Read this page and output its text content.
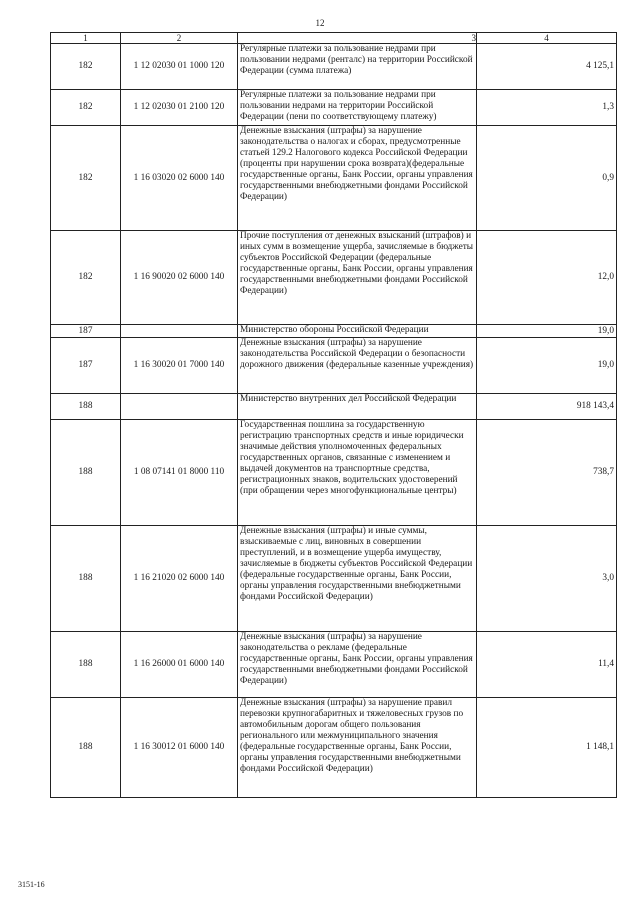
12
1	2	3	4
182	1 12 02030 01 1000 120	Регулярные платежи за пользование недрами при пользовании недрами (ренталс) на территории Российской Федерации (сумма платежа)	4 125,1
182	1 12 02030 01 2100 120	Регулярные платежи за пользование недрами при пользовании недрами на территории Российской Федерации (пени по соответствующему платежу)	1,3
182	1 16 03020 02 6000 140	Денежные взыскания (штрафы) за нарушение законодательства о налогах и сборах, предусмотренные статьей 129.2 Налогового кодекса Российской Федерации (проценты при нарушении срока возврата)(федеральные государственные органы, Банк России, органы управления государственными внебюджетными фондами Российской Федерации)	0,9
182	1 16 90020 02 6000 140	Прочие поступления от денежных взысканий (штрафов) и иных сумм в возмещение ущерба, зачисляемые в бюджеты субъектов Российской Федерации (федеральные государственные органы, Банк России, органы управления государственными внебюджетными фондами Российской Федерации)	12,0
187		Министерство обороны Российской Федерации	19,0
187	1 16 30020 01 7000 140	Денежные взыскания (штрафы) за нарушение законодательства Российской Федерации о безопасности дорожного движения (федеральные казенные учреждения)	19,0
188		Министерство внутренних дел Российской Федерации	918 143,4
188	1 08 07141 01 8000 110	Государственная пошлина за государственную регистрацию транспортных средств и иные юридически значимые действия уполномоченных федеральных государственных органов, связанные с изменением и выдачей документов на транспортные средства, регистрационных знаков, водительских удостоверений (при обращении через многофункциональные центры)	738,7
188	1 16 21020 02 6000 140	Денежные взыскания (штрафы) и иные суммы, взыскиваемые с лиц, виновных в совершении преступлений, и в возмещение ущерба имуществу, зачисляемые в бюджеты субъектов Российской Федерации (федеральные государственные органы, Банк России, органы управления государственными внебюджетными фондами Российской Федерации)	3,0
188	1 16 26000 01 6000 140	Денежные взыскания (штрафы) за нарушение законодательства о рекламе (федеральные государственные органы, Банк России, органы управления государственными внебюджетными фондами Российской Федерации)	11,4
188	1 16 30012 01 6000 140	Денежные взыскания (штрафы) за нарушение правил перевозки крупногабаритных и тяжеловесных грузов по автомобильным дорогам общего пользования регионального или межмуниципального значения (федеральные государственные органы, Банк России, органы управления государственными внебюджетными фондами Российской Федерации)	1 148,1
3151-16
